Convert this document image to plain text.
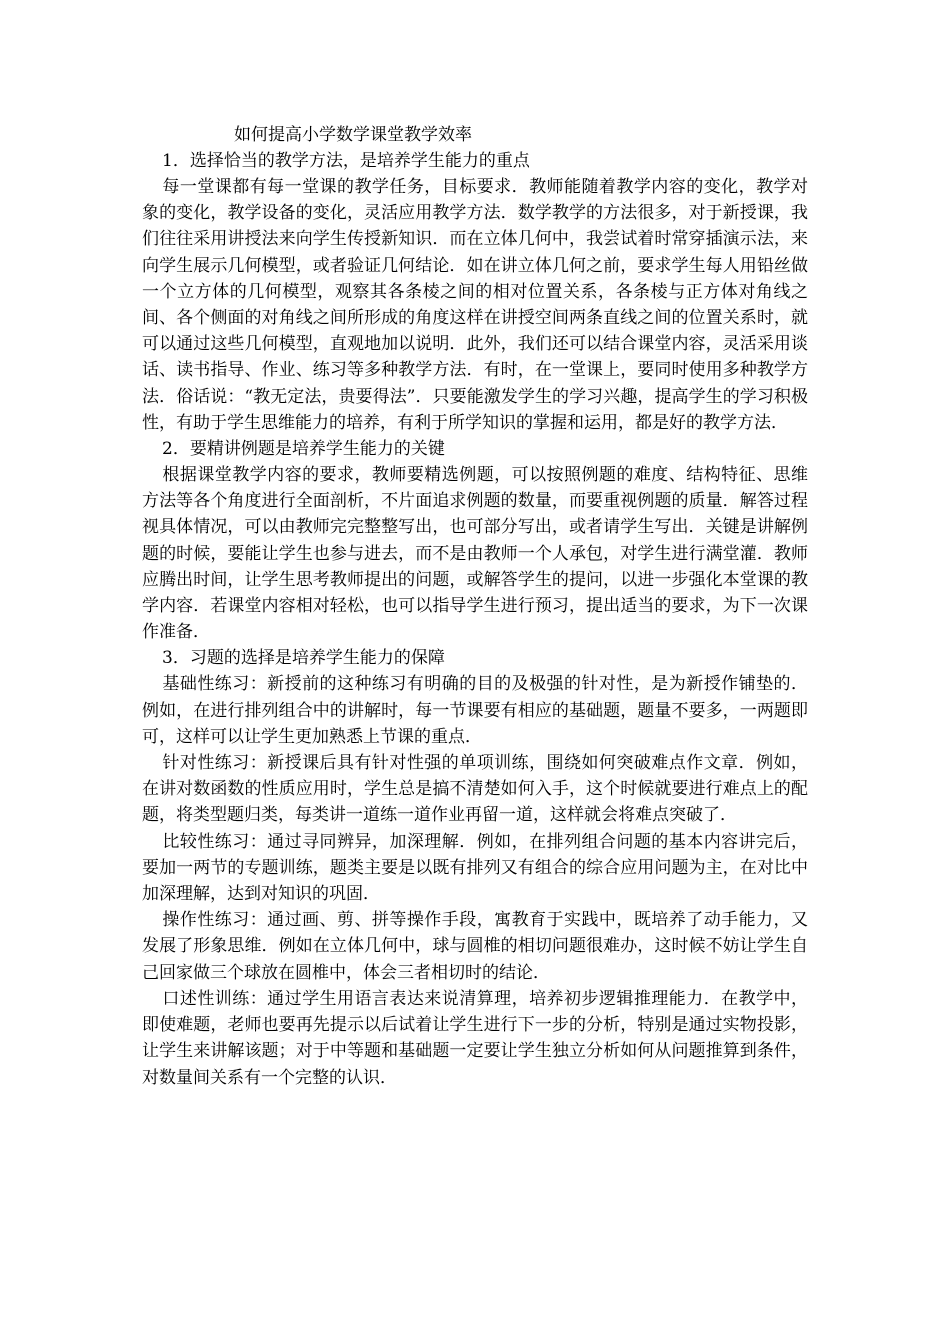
如何提高小学数学课堂教学效率

1．选择恰当的教学方法，是培养学生能力的重点

每一堂课都有每一堂课的教学任务，目标要求．教师能随着教学内容的变化，教学对象的变化，教学设备的变化，灵活应用教学方法．数学教学的方法很多，对于新授课，我们往往采用讲授法来向学生传授新知识．而在立体几何中，我尝试着时常穿插演示法，来向学生展示几何模型，或者验证几何结论．如在讲立体几何之前，要求学生每人用铅丝做一个立方体的几何模型，观察其各条棱之间的相对位置关系，各条棱与正方体对角线之间、各个侧面的对角线之间所形成的角度这样在讲授空间两条直线之间的位置关系时，就可以通过这些几何模型，直观地加以说明．此外，我们还可以结合课堂内容，灵活采用谈话、读书指导、作业、练习等多种教学方法．有时，在一堂课上，要同时使用多种教学方法．俗话说：“教无定法，贵要得法”．只要能激发学生的学习兴趣，提高学生的学习积极性，有助于学生思维能力的培养，有利于所学知识的掌握和运用，都是好的教学方法．

2．要精讲例题是培养学生能力的关键

根据课堂教学内容的要求，教师要精选例题，可以按照例题的难度、结构特征、思维方法等各个角度进行全面剖析，不片面追求例题的数量，而要重视例题的质量．解答过程视具体情况，可以由教师完完整整写出，也可部分写出，或者请学生写出．关键是讲解例题的时候，要能让学生也参与进去，而不是由教师一个人承包，对学生进行满堂灌．教师应腾出时间，让学生思考教师提出的问题，或解答学生的提问，以进一步强化本堂课的教学内容．若课堂内容相对轻松，也可以指导学生进行预习，提出适当的要求，为下一次课作准备．

3．习题的选择是培养学生能力的保障

基础性练习：新授前的这种练习有明确的目的及极强的针对性，是为新授作铺垫的．例如，在进行排列组合中的讲解时，每一节课要有相应的基础题，题量不要多，一两题即可，这样可以让学生更加熟悉上节课的重点．

针对性练习：新授课后具有针对性强的单项训练，围绕如何突破难点作文章．例如，在讲对数函数的性质应用时，学生总是搞不清楚如何入手，这个时候就要进行难点上的配题，将类型题归类，每类讲一道练一道作业再留一道，这样就会将难点突破了．

比较性练习：通过寻同辨异，加深理解．例如，在排列组合问题的基本内容讲完后，要加一两节的专题训练，题类主要是以既有排列又有组合的综合应用问题为主，在对比中加深理解，达到对知识的巩固．

操作性练习：通过画、剪、拼等操作手段，寓教育于实践中，既培养了动手能力，又发展了形象思维．例如在立体几何中，球与圆椎的相切问题很难办，这时候不妨让学生自己回家做三个球放在圆椎中，体会三者相切时的结论．

口述性训练：通过学生用语言表达来说清算理，培养初步逻辑推理能力．在教学中，即使难题，老师也要再先提示以后试着让学生进行下一步的分析，特别是通过实物投影，让学生来讲解该题；对于中等题和基础题一定要让学生独立分析如何从问题推算到条件，对数量间关系有一个完整的认识．
